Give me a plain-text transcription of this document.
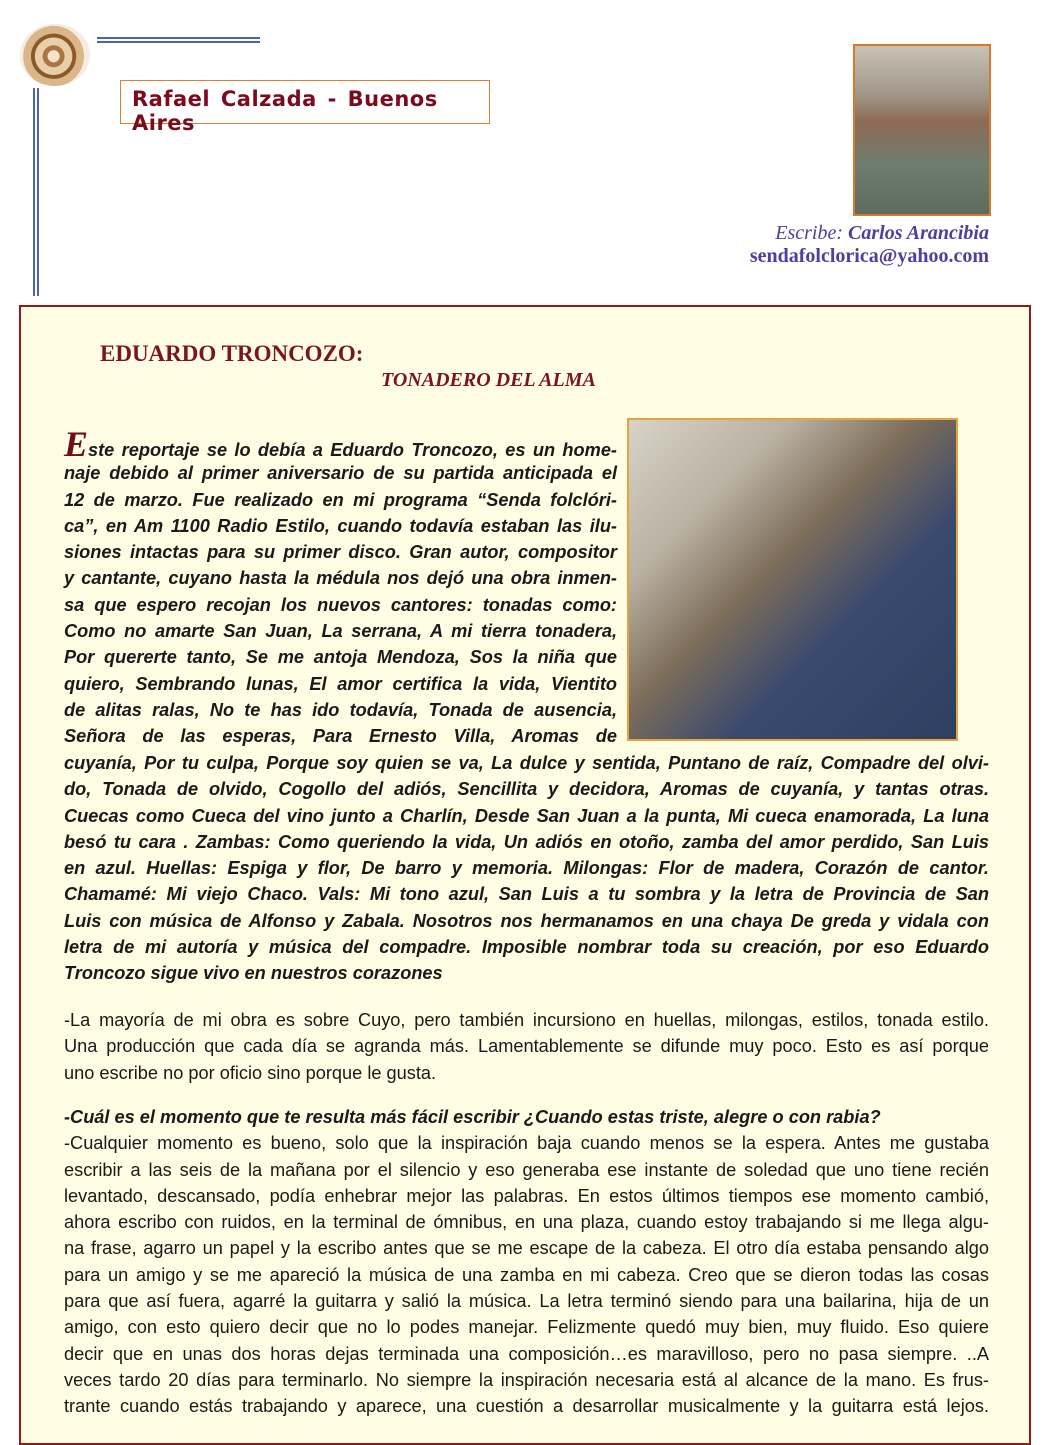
Rafael Calzada - Buenos Aires
Escribe: Carlos Arancibia
sendafolclorica@yahoo.com
EDUARDO TRONCOZO:
TONADERO DEL ALMA
Este reportaje se lo debía a Eduardo Troncozo, es un home-
naje debido al primer aniversario de su partida anticipada el
12 de marzo. Fue realizado en mi programa “Senda folclóri-
ca”, en Am 1100 Radio Estilo, cuando todavía estaban las ilu-
siones intactas para su primer disco. Gran autor, compositor
y cantante, cuyano hasta la médula nos dejó una obra inmen-
sa que espero recojan los nuevos cantores: tonadas como:
Como no amarte San Juan, La serrana, A mi tierra tonadera,
Por quererte tanto, Se me antoja Mendoza, Sos la niña que
quiero, Sembrando lunas, El amor certifica la vida, Vientito
de alitas ralas, No te has ido todavía, Tonada de ausencia,
Señora de las esperas, Para Ernesto Villa, Aromas de
cuyanía, Por tu culpa, Porque soy quien se va, La dulce y sentida, Puntano de raíz, Compadre del olvi-
do, Tonada de olvido, Cogollo del adiós, Sencillita y decidora, Aromas de cuyanía, y tantas otras.
Cuecas como Cueca del vino junto a Charlín, Desde San Juan a la punta, Mi cueca enamorada, La luna
besó tu cara . Zambas: Como queriendo la vida, Un adiós en otoño, zamba del amor perdido, San Luis
en azul. Huellas: Espiga y flor, De barro y memoria. Milongas: Flor de madera, Corazón de cantor.
Chamamé: Mi viejo Chaco. Vals: Mi tono azul, San Luis a tu sombra y la letra de Provincia de San
Luis con música de Alfonso y Zabala. Nosotros nos hermanamos en una chaya De greda y vidala con
letra de mi autoría y música del compadre. Imposible nombrar toda su creación, por eso Eduardo
Troncozo sigue vivo en nuestros corazones
-La mayoría de mi obra es sobre Cuyo, pero también incursiono en huellas, milongas, estilos, tonada estilo.
Una producción que cada día se agranda más. Lamentablemente se difunde muy poco. Esto es así porque
uno escribe no por oficio sino porque le gusta.
-Cuál es el momento que te resulta más fácil escribir ¿Cuando estas triste, alegre o con rabia?
-Cualquier momento es bueno, solo que la inspiración baja cuando menos se la espera. Antes me gustaba
escribir a las seis de la mañana por el silencio y eso generaba ese instante de soledad que uno tiene recién
levantado, descansado, podía enhebrar mejor las palabras. En estos últimos tiempos ese momento cambió,
ahora escribo con ruidos, en la terminal de ómnibus, en una plaza, cuando estoy trabajando si me llega algu-
na frase, agarro un papel y la escribo antes que se me escape de la cabeza. El otro día estaba pensando algo
para un amigo y se me apareció la música de una zamba en mi cabeza. Creo que se dieron todas las cosas
para que así fuera, agarré la guitarra y salió la música. La letra terminó siendo para una bailarina, hija de un
amigo, con esto quiero decir que no lo podes manejar. Felizmente quedó muy bien, muy fluido. Eso quiere
decir que en unas dos horas dejas terminada una composición…es maravilloso, pero no pasa siempre. ..A
veces tardo 20 días para terminarlo. No siempre la inspiración necesaria está al alcance de la mano. Es frus-
trante cuando estás trabajando y aparece, una cuestión a desarrollar musicalmente y la guitarra está lejos.
